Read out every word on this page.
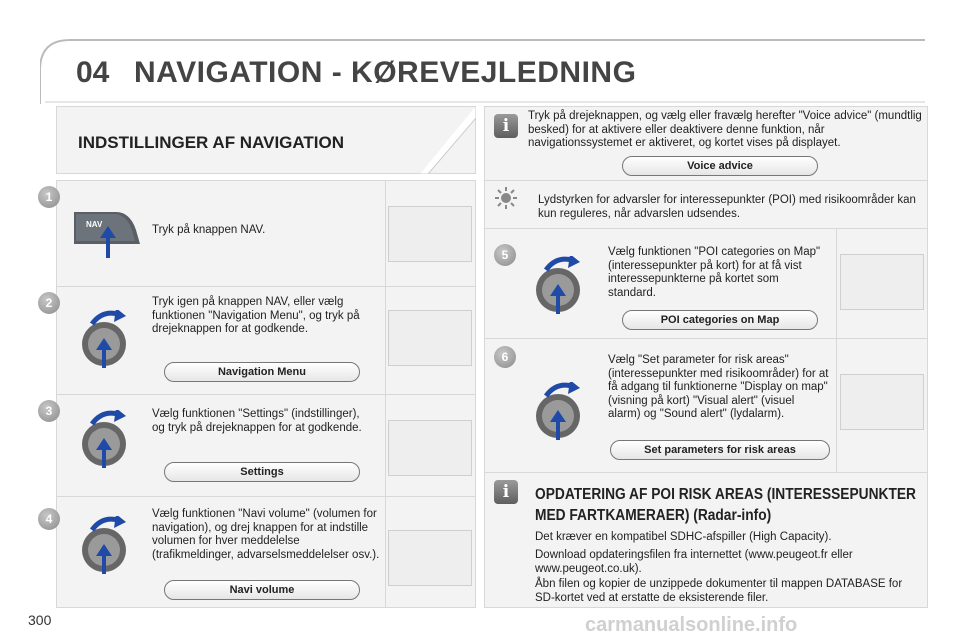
04 NAVIGATION - KØREVEJLEDNING
INDSTILLINGER AF NAVIGATION
1
NAV	Tryk på knappen NAV.
2	Tryk igen på knappen NAV, eller vælg funktionen "Navigation Menu", og tryk på drejeknappen for at godkende.
Navigation Menu
3	Vælg funktionen "Settings" (indstillinger), og tryk på drejeknappen for at godkende.
Settings
4	Vælg funktionen "Navi volume" (volumen for navigation), og drej knappen for at indstille volumen for hver meddelelse (trafikmeldinger, advarselsmeddelelser osv.).
Navi volume
i	Tryk på drejeknappen, og vælg eller fravælg herefter "Voice advice" (mundtlig besked) for at aktivere eller deaktivere denne funktion, når navigationssystemet er aktiveret, og kortet vises på displayet.
Voice advice
Lydstyrken for advarsler for interessepunkter (POI) med risikoområder kan kun reguleres, når advarslen udsendes.
5	Vælg funktionen "POI categories on Map" (interessepunkter på kort) for at få vist interessepunkterne på kortet som standard.
POI categories on Map
6	Vælg "Set parameter for risk areas" (interessepunkter med risikoområder) for at få adgang til funktionerne "Display on map" (visning på kort) "Visual alert" (visuel alarm) og "Sound alert" (lydalarm).
Set parameters for risk areas
i	OPDATERING AF POI RISK AREAS (INTERESSEPUNKTER MED FARTKAMERAER) (Radar-info)
Det kræver en kompatibel SDHC-afspiller (High Capacity).
Download opdateringsfilen fra internettet (www.peugeot.fr eller www.peugeot.co.uk).
Åbn filen og kopier de unzippede dokumenter til mappen DATABASE for SD-kortet ved at erstatte de eksisterende filer.
300	carmanualsonline.info
